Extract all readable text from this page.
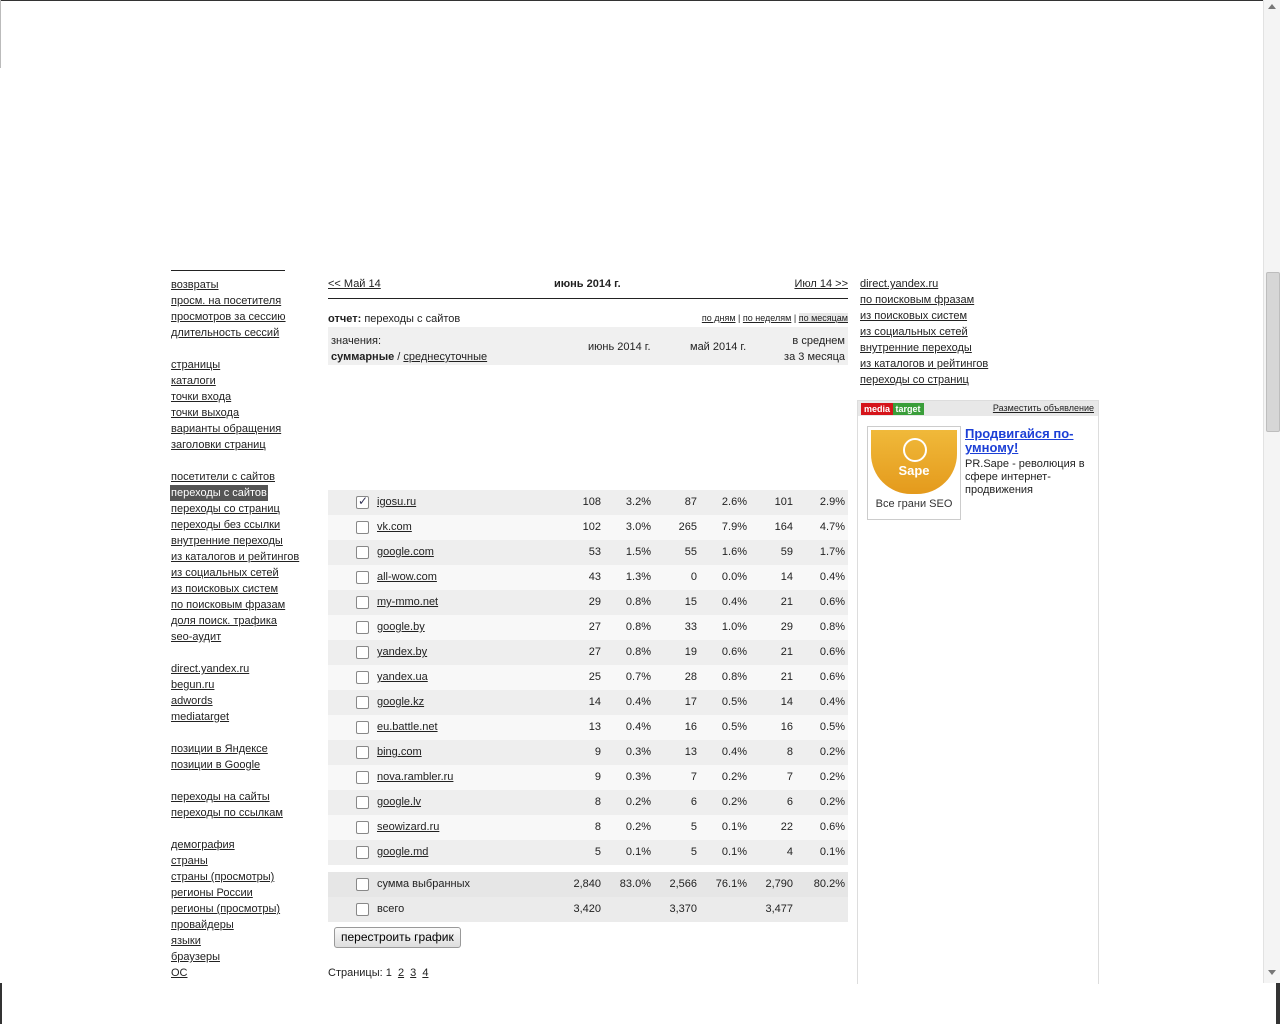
возвраты
просм. на посетителя
просмотров за сессию
длительность сессий
страницы
каталоги
точки входа
точки выхода
варианты обращения
заголовки страниц
посетители с сайтов
переходы с сайтов

переходы со страниц
переходы без ссылки
внутренние переходы
из каталогов и рейтингов
из социальных сетей
из поисковых систем
по поисковым фразам
доля поиск. трафика
seo-аудит
direct.yandex.ru
begun.ru
adwords
mediatarget
позиции в Яндексе
позиции в Google
переходы на сайты
переходы по ссылкам
демография
страны
страны (просмотры)
регионы России
регионы (просмотры)
провайдеры
языки
браузеры
ОС
<< Май 14	июнь 2014 г.	Июл 14 >>
отчет: переходы с сайтов	по дням | по неделям | по месяцам
значения:
суммарные / среднесуточные
июнь 2014 г.	май 2014 г.	в среднем
за 3 месяца
✓
igosu.ru	108 3.2%	87 2.6%	101 2.9%
vk.com	102 3.0%	265 7.9%	164 4.7%
google.com	53 1.5%	55 1.6%	59 1.7%
all-wow.com	43 1.3%	0 0.0%	14 0.4%
my-mmo.net	29 0.8%	15 0.4%	21 0.6%
google.by	27 0.8%	33 1.0%	29 0.8%
yandex.by	27 0.8%	19 0.6%	21 0.6%
yandex.ua	25 0.7%	28 0.8%	21 0.6%
google.kz	14 0.4%	17 0.5%	14 0.4%
eu.battle.net	13 0.4%	16 0.5%	16 0.5%
bing.com	9 0.3%	13 0.4%	8 0.2%
nova.rambler.ru	9 0.3%	7 0.2%	7 0.2%
google.lv	8 0.2%	6 0.2%	6 0.2%
seowizard.ru	8 0.2%	5 0.1%	22 0.6%
google.md	5 0.1%	5 0.1%	4 0.1%
сумма выбранных	2,840 83.0% 2,566 76.1% 2,790 80.2%
всего	3,420	3,370	3,477
перестроить график
Страницы: 1 2 3 4
direct.yandex.ru
по поисковым фразам
из поисковых систем
из социальных сетей
внутренние переходы
из каталогов и рейтингов
переходы со страниц
media target	Разместить объявление
Sape
Все грани SEO
Продвигайся по-умному!
PR.Sape - революция в сфере интернет-продвижения
